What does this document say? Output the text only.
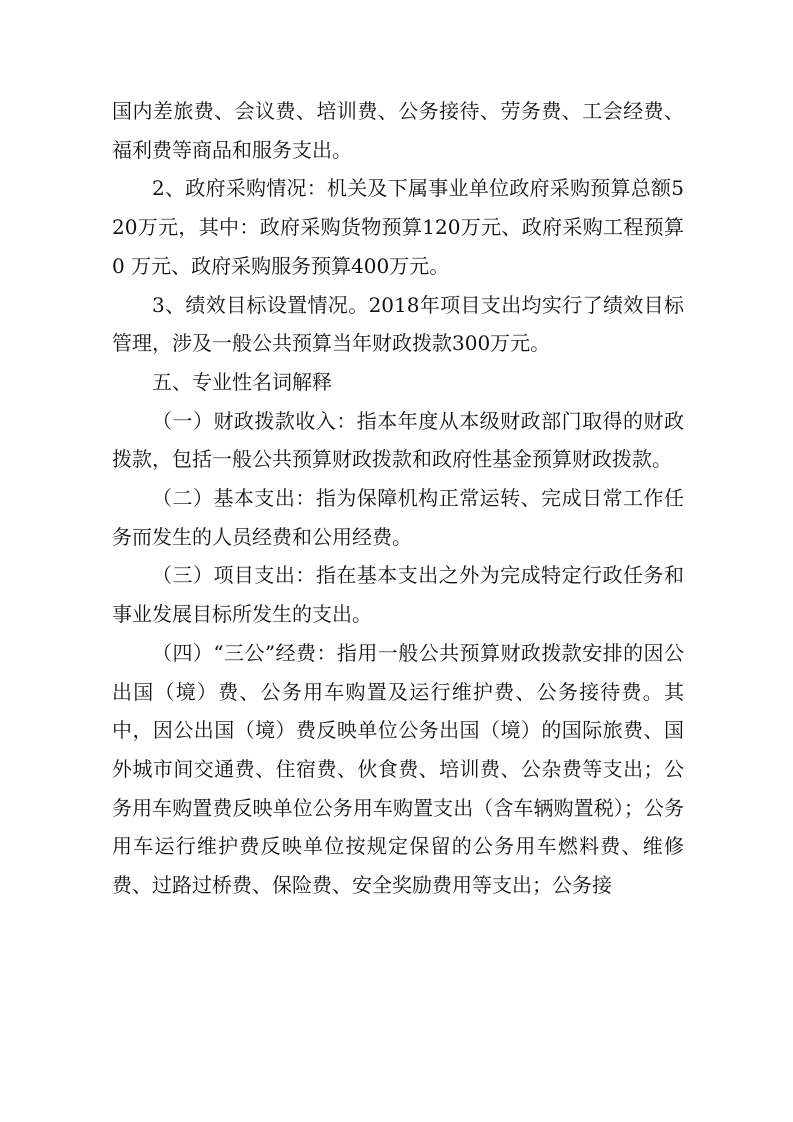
国内差旅费、会议费、培训费、公务接待、劳务费、工会经费、福利费等商品和服务支出。

2、政府采购情况：机关及下属事业单位政府采购预算总额520万元，其中：政府采购货物预算120万元、政府采购工程预算 0 万元、政府采购服务预算400万元。

3、绩效目标设置情况。2018年项目支出均实行了绩效目标管理，涉及一般公共预算当年财政拨款300万元。

五、专业性名词解释

（一）财政拨款收入：指本年度从本级财政部门取得的财政拨款，包括一般公共预算财政拨款和政府性基金预算财政拨款。

（二）基本支出：指为保障机构正常运转、完成日常工作任务而发生的人员经费和公用经费。

（三）项目支出：指在基本支出之外为完成特定行政任务和事业发展目标所发生的支出。

（四）“三公”经费：指用一般公共预算财政拨款安排的因公出国（境）费、公务用车购置及运行维护费、公务接待费。其中，因公出国（境）费反映单位公务出国（境）的国际旅费、国外城市间交通费、住宿费、伙食费、培训费、公杂费等支出；公务用车购置费反映单位公务用车购置支出（含车辆购置税）；公务用车运行维护费反映单位按规定保留的公务用车燃料费、维修费、过路过桥费、保险费、安全奖励费用等支出；公务接
